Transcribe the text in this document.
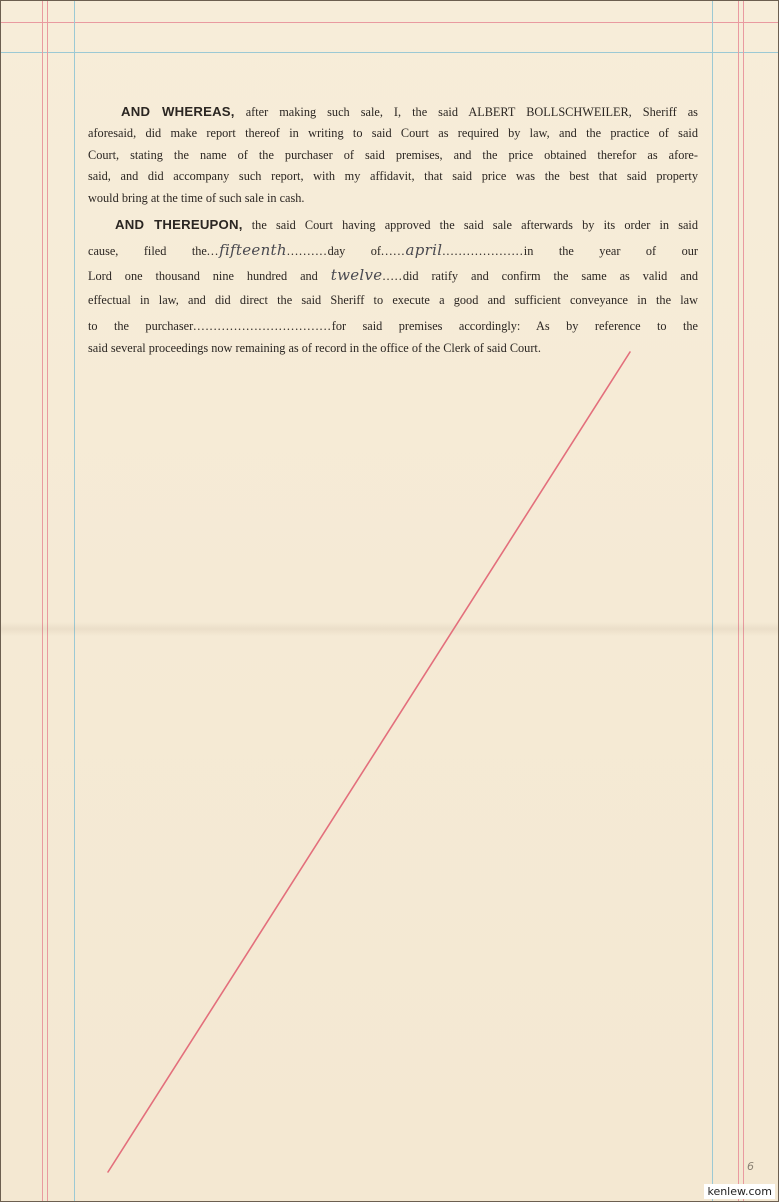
AND WHEREAS, after making such sale, I, the said ALBERT BOLLSCHWEILER, Sheriff as

aforesaid, did make report thereof in writing to said Court as required by law, and the practice of said

Court, stating the name of the purchaser of said premises, and the price obtained therefor as afore-

said, and did accompany such report, with my affidavit, that said price was the best that said property

would bring at the time of such sale in cash.

AND THEREUPON, the said Court having approved the said sale afterwards by its order in said

cause, filed the...fifteenth..........day of......april....................in the year of our

Lord one thousand nine hundred and twelve.....did ratify and confirm the same as valid and

effectual in law, and did direct the said Sheriff to execute a good and sufficient conveyance in the law

to the purchaser..................................for said premises accordingly: As by reference to the

said several proceedings now remaining as of record in the office of the Clerk of said Court.

6
kenlew.com
